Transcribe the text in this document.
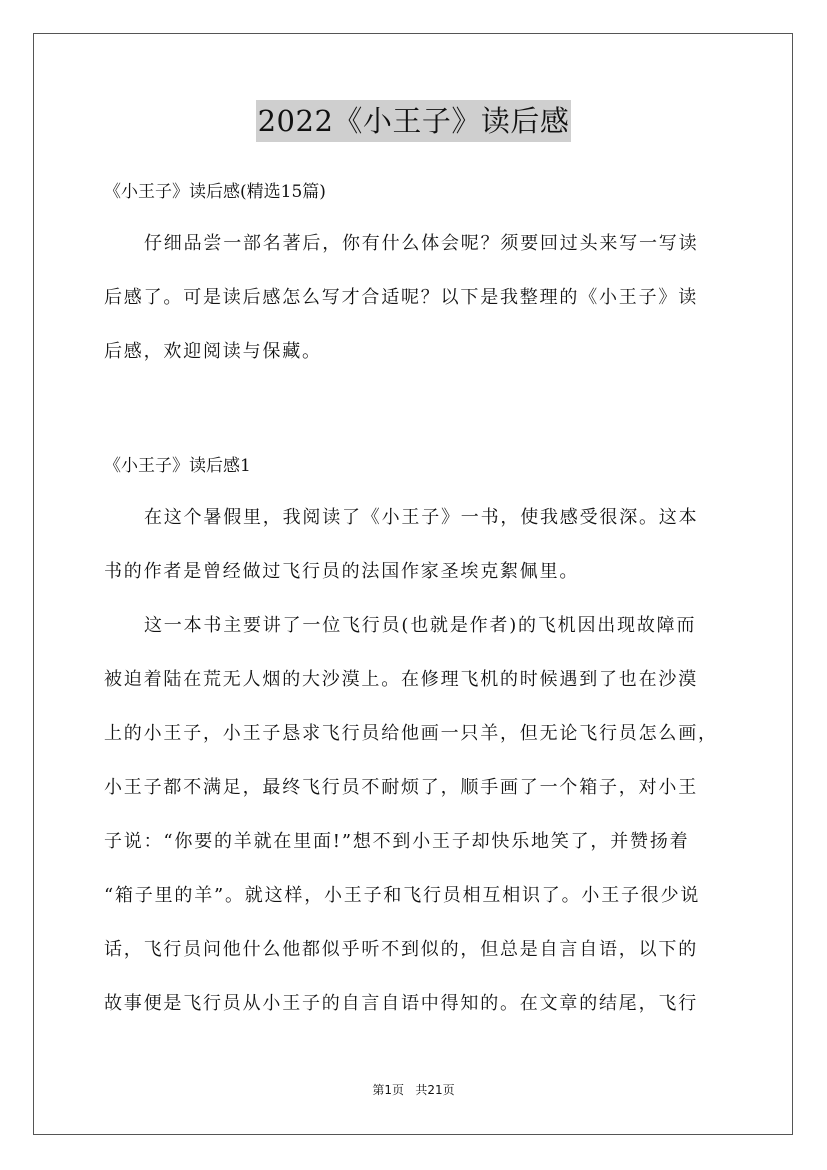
2022《小王子》读后感
《小王子》读后感(精选15篇)
仔细品尝一部名著后，你有什么体会呢？须要回过头来写一写读
后感了。可是读后感怎么写才合适呢？以下是我整理的《小王子》读
后感，欢迎阅读与保藏。
《小王子》读后感1
在这个暑假里，我阅读了《小王子》一书，使我感受很深。这本
书的作者是曾经做过飞行员的法国作家圣埃克絮佩里。
这一本书主要讲了一位飞行员(也就是作者)的飞机因出现故障而
被迫着陆在荒无人烟的大沙漠上。在修理飞机的时候遇到了也在沙漠
上的小王子，小王子恳求飞行员给他画一只羊，但无论飞行员怎么画，
小王子都不满足，最终飞行员不耐烦了，顺手画了一个箱子，对小王
子说：“你要的羊就在里面!”想不到小王子却快乐地笑了，并赞扬着
“箱子里的羊”。就这样，小王子和飞行员相互相识了。小王子很少说
话，飞行员问他什么他都似乎听不到似的，但总是自言自语，以下的
故事便是飞行员从小王子的自言自语中得知的。在文章的结尾，飞行
第1页   共21页
